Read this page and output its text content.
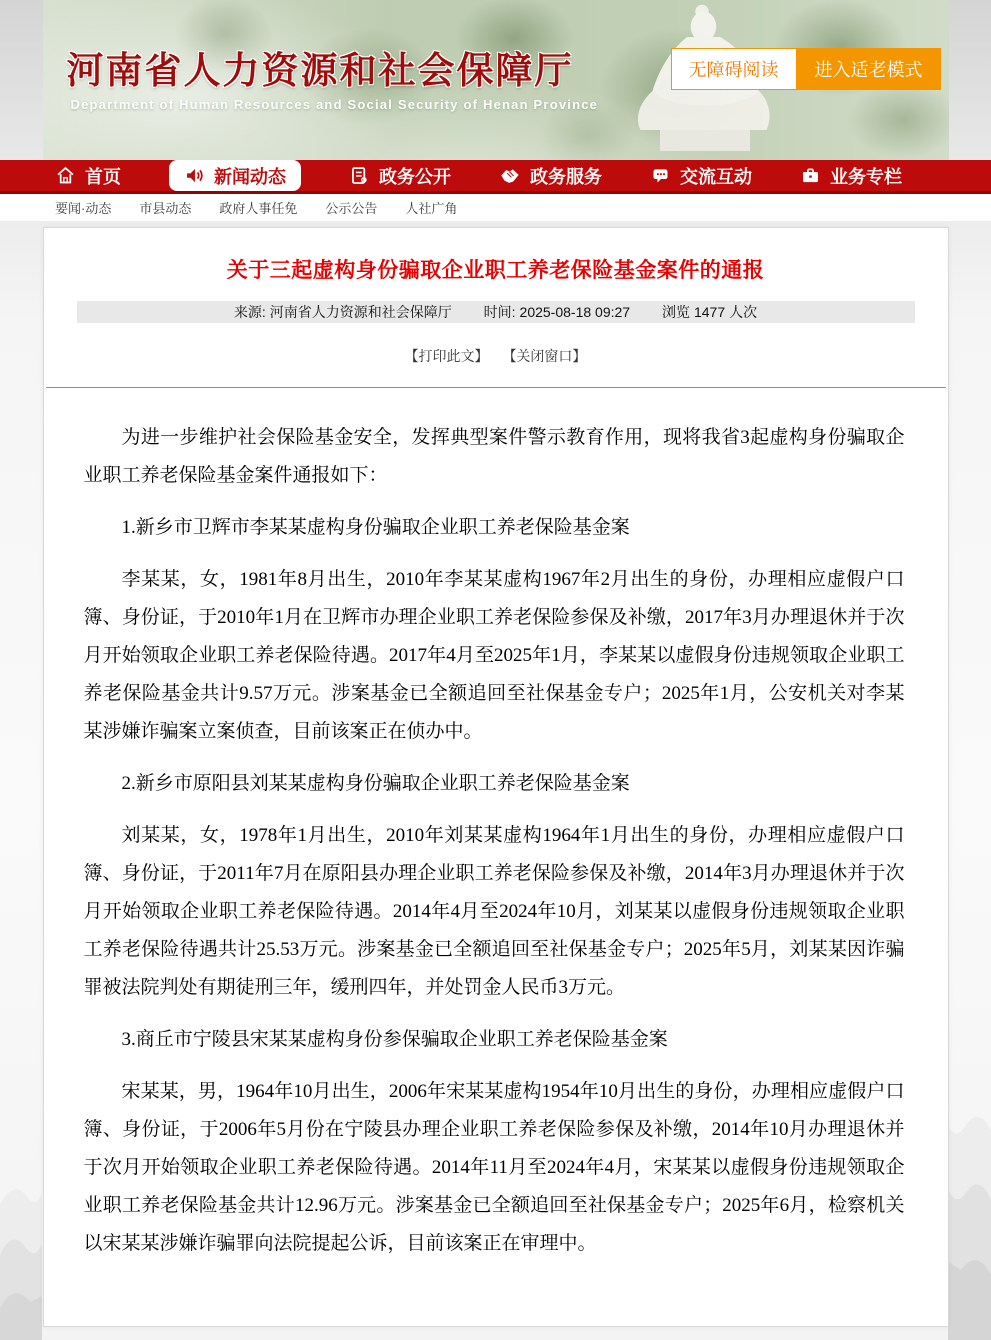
河南省人力资源和社会保障厅
Department of Human Resources and Social Security of Henan Province
无障碍阅读	进入适老模式
首页	新闻动态	政务公开	政务服务	交流互动	业务专栏
要闻·动态 市县动态 政府人事任免 公示公告 人社广角
关于三起虚构身份骗取企业职工养老保险基金案件的通报
来源: 河南省人力资源和社会保障厅 时间: 2025-08-18 09:27 浏览 1477 人次
【打印此文】 【关闭窗口】

为进一步维护社会保险基金安全，发挥典型案件警示教育作用，现将我省3起虚构身份骗取企业职工养老保险基金案件通报如下：

1.新乡市卫辉市李某某虚构身份骗取企业职工养老保险基金案

李某某，女，1981年8月出生，2010年李某某虚构1967年2月出生的身份，办理相应虚假户口簿、身份证，于2010年1月在卫辉市办理企业职工养老保险参保及补缴，2017年3月办理退休并于次月开始领取企业职工养老保险待遇。2017年4月至2025年1月，李某某以虚假身份违规领取企业职工养老保险基金共计9.57万元。涉案基金已全额追回至社保基金专户；2025年1月，公安机关对李某某涉嫌诈骗案立案侦查，目前该案正在侦办中。

2.新乡市原阳县刘某某虚构身份骗取企业职工养老保险基金案

刘某某，女，1978年1月出生，2010年刘某某虚构1964年1月出生的身份，办理相应虚假户口簿、身份证，于2011年7月在原阳县办理企业职工养老保险参保及补缴，2014年3月办理退休并于次月开始领取企业职工养老保险待遇。2014年4月至2024年10月，刘某某以虚假身份违规领取企业职工养老保险待遇共计25.53万元。涉案基金已全额追回至社保基金专户；2025年5月，刘某某因诈骗罪被法院判处有期徒刑三年，缓刑四年，并处罚金人民币3万元。

3.商丘市宁陵县宋某某虚构身份参保骗取企业职工养老保险基金案

宋某某，男，1964年10月出生，2006年宋某某虚构1954年10月出生的身份，办理相应虚假户口簿、身份证，于2006年5月份在宁陵县办理企业职工养老保险参保及补缴，2014年10月办理退休并于次月开始领取企业职工养老保险待遇。2014年11月至2024年4月，宋某某以虚假身份违规领取企业职工养老保险基金共计12.96万元。涉案基金已全额追回至社保基金专户；2025年6月，检察机关以宋某某涉嫌诈骗罪向法院提起公诉，目前该案正在审理中。
